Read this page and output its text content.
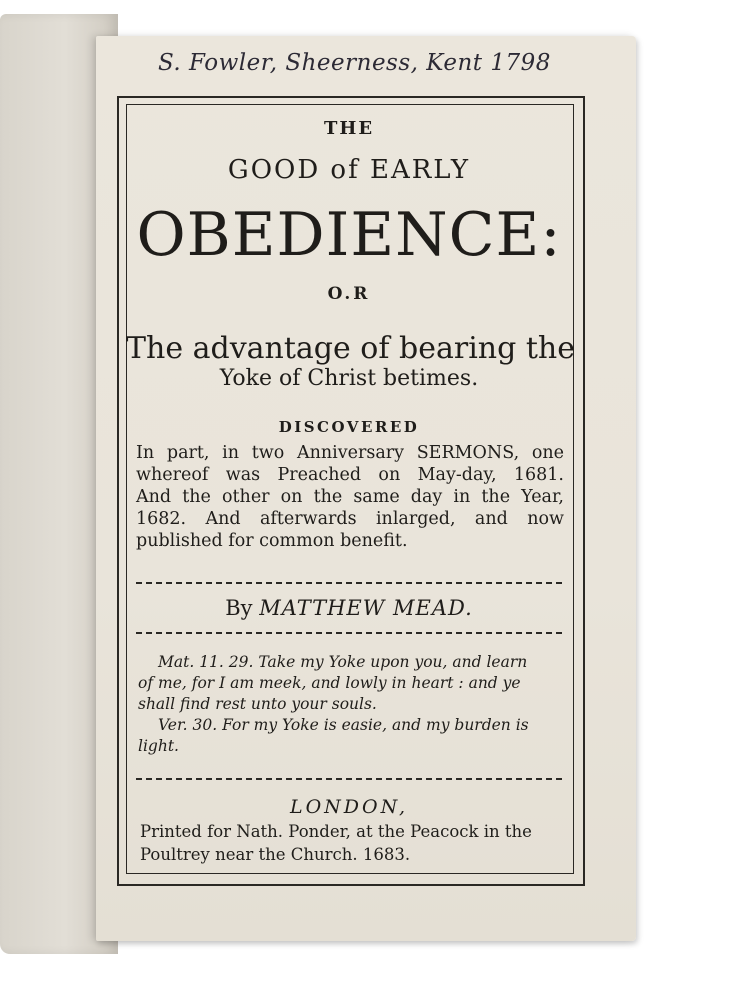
S. Fowler, Sheerness, Kent 1798
THE
GOOD of EARLY
OBEDIENCE:
O.R
The advantage of bearing the
Yoke of Christ betimes.
DISCOVERED
In part, in two Anniversary SERMONS, one
whereof was Preached on May-day, 1681.
And the other on the same day in the Year,
1682. And afterwards inlarged, and now
published for common benefit.
By MATTHEW MEAD.
Mat. 11. 29. Take my Yoke upon you, and learn
of me, for I am meek, and lowly in heart : and ye
shall find rest unto your souls.
Ver. 30. For my Yoke is easie, and my burden is
light.
LONDON,
Printed for Nath. Ponder, at the Peacock in the
Poultrey near the Church. 1683.
